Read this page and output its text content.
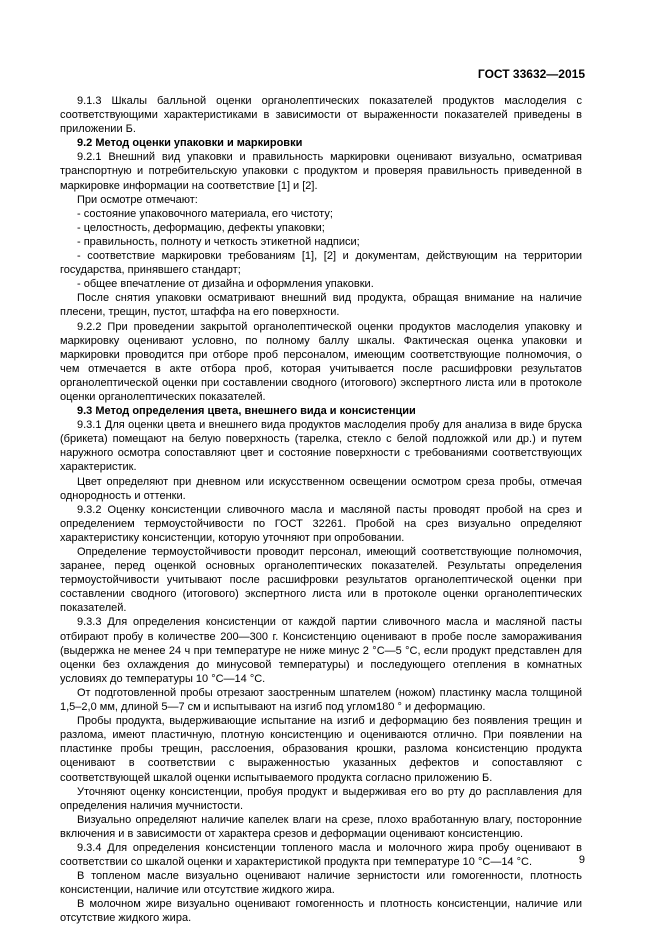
ГОСТ 33632—2015

9.1.3 Шкалы балльной оценки органолептических показателей продуктов маслоделия с соответствующими характеристиками в зависимости от выраженности показателей приведены в приложении Б.

9.2 Метод оценки упаковки и маркировки

9.2.1 Внешний вид упаковки и правильность маркировки оценивают визуально, осматривая транспортную и потребительскую упаковки с продуктом и проверяя правильность приведенной в маркировке информации на соответствие [1] и [2].

При осмотре отмечают:

- состояние упаковочного материала, его чистоту;

- целостность, деформацию, дефекты упаковки;

- правильность, полноту и четкость этикетной надписи;

- соответствие маркировки требованиям [1], [2] и документам, действующим на территории государства, принявшего стандарт;

- общее впечатление от дизайна и оформления упаковки.

После снятия упаковки осматривают внешний вид продукта, обращая внимание на наличие плесени, трещин, пустот, штаффа на его поверхности.

9.2.2 При проведении закрытой органолептической оценки продуктов маслоделия упаковку и маркировку оценивают условно, по полному баллу шкалы. Фактическая оценка упаковки и маркировки проводится при отборе проб персоналом, имеющим соответствующие полномочия, о чем отмечается в акте отбора проб, которая учитывается после расшифровки результатов органолептической оценки при составлении сводного (итогового) экспертного листа или в протоколе оценки органолептических показателей.

9.3 Метод определения цвета, внешнего вида и консистенции

9.3.1 Для оценки цвета и внешнего вида продуктов маслоделия пробу для анализа в виде бруска (брикета) помещают на белую поверхность (тарелка, стекло с белой подложкой или др.) и путем наружного осмотра сопоставляют цвет и состояние поверхности с требованиями соответствующих характеристик.

Цвет определяют при дневном или искусственном освещении осмотром среза пробы, отмечая однородность и оттенки.

9.3.2 Оценку консистенции сливочного масла и масляной пасты проводят пробой на срез и определением термоустойчивости по ГОСТ 32261. Пробой на срез визуально определяют характеристику консистенции, которую уточняют при опробовании.

Определение термоустойчивости проводит персонал, имеющий соответствующие полномочия, заранее, перед оценкой основных органолептических показателей. Результаты определения термоустойчивости учитывают после расшифровки результатов органолептической оценки при составлении сводного (итогового) экспертного листа или в протоколе оценки органолептических показателей.

9.3.3 Для определения консистенции от каждой партии сливочного масла и масляной пасты отбирают пробу в количестве 200—300 г. Консистенцию оценивают в пробе после замораживания (выдержка не менее 24 ч при температуре не ниже минус 2 °С—5 °С, если продукт представлен для оценки без охлаждения до минусовой температуры) и последующего отепления в комнатных условиях до температуры 10 °С—14 °С.

От подготовленной пробы отрезают заостренным шпателем (ножом) пластинку масла толщиной 1,5–2,0 мм, длиной 5—7 см и испытывают на изгиб под углом180 ° и деформацию.

Пробы продукта, выдерживающие испытание на изгиб и деформацию без появления трещин и разлома, имеют пластичную, плотную консистенцию и оцениваются отлично. При появлении на пластинке пробы трещин, расслоения, образования крошки, разлома консистенцию продукта оценивают в соответствии с выраженностью указанных дефектов и сопоставляют с соответствующей шкалой оценки испытываемого продукта согласно приложению Б.

Уточняют оценку консистенции, пробуя продукт и выдерживая его во рту до расплавления для определения наличия мучнистости.

Визуально определяют наличие капелек влаги на срезе, плохо вработанную влагу, посторонние включения и в зависимости от характера срезов и деформации оценивают консистенцию.

9.3.4 Для определения консистенции топленого масла и молочного жира пробу оценивают в соответствии со шкалой оценки и характеристикой продукта при температуре 10 °С—14 °С.

В топленом масле визуально оценивают наличие зернистости или гомогенности, плотность консистенции, наличие или отсутствие жидкого жира.

В молочном жире визуально оценивают гомогенность и плотность консистенции, наличие или отсутствие жидкого жира.

9
